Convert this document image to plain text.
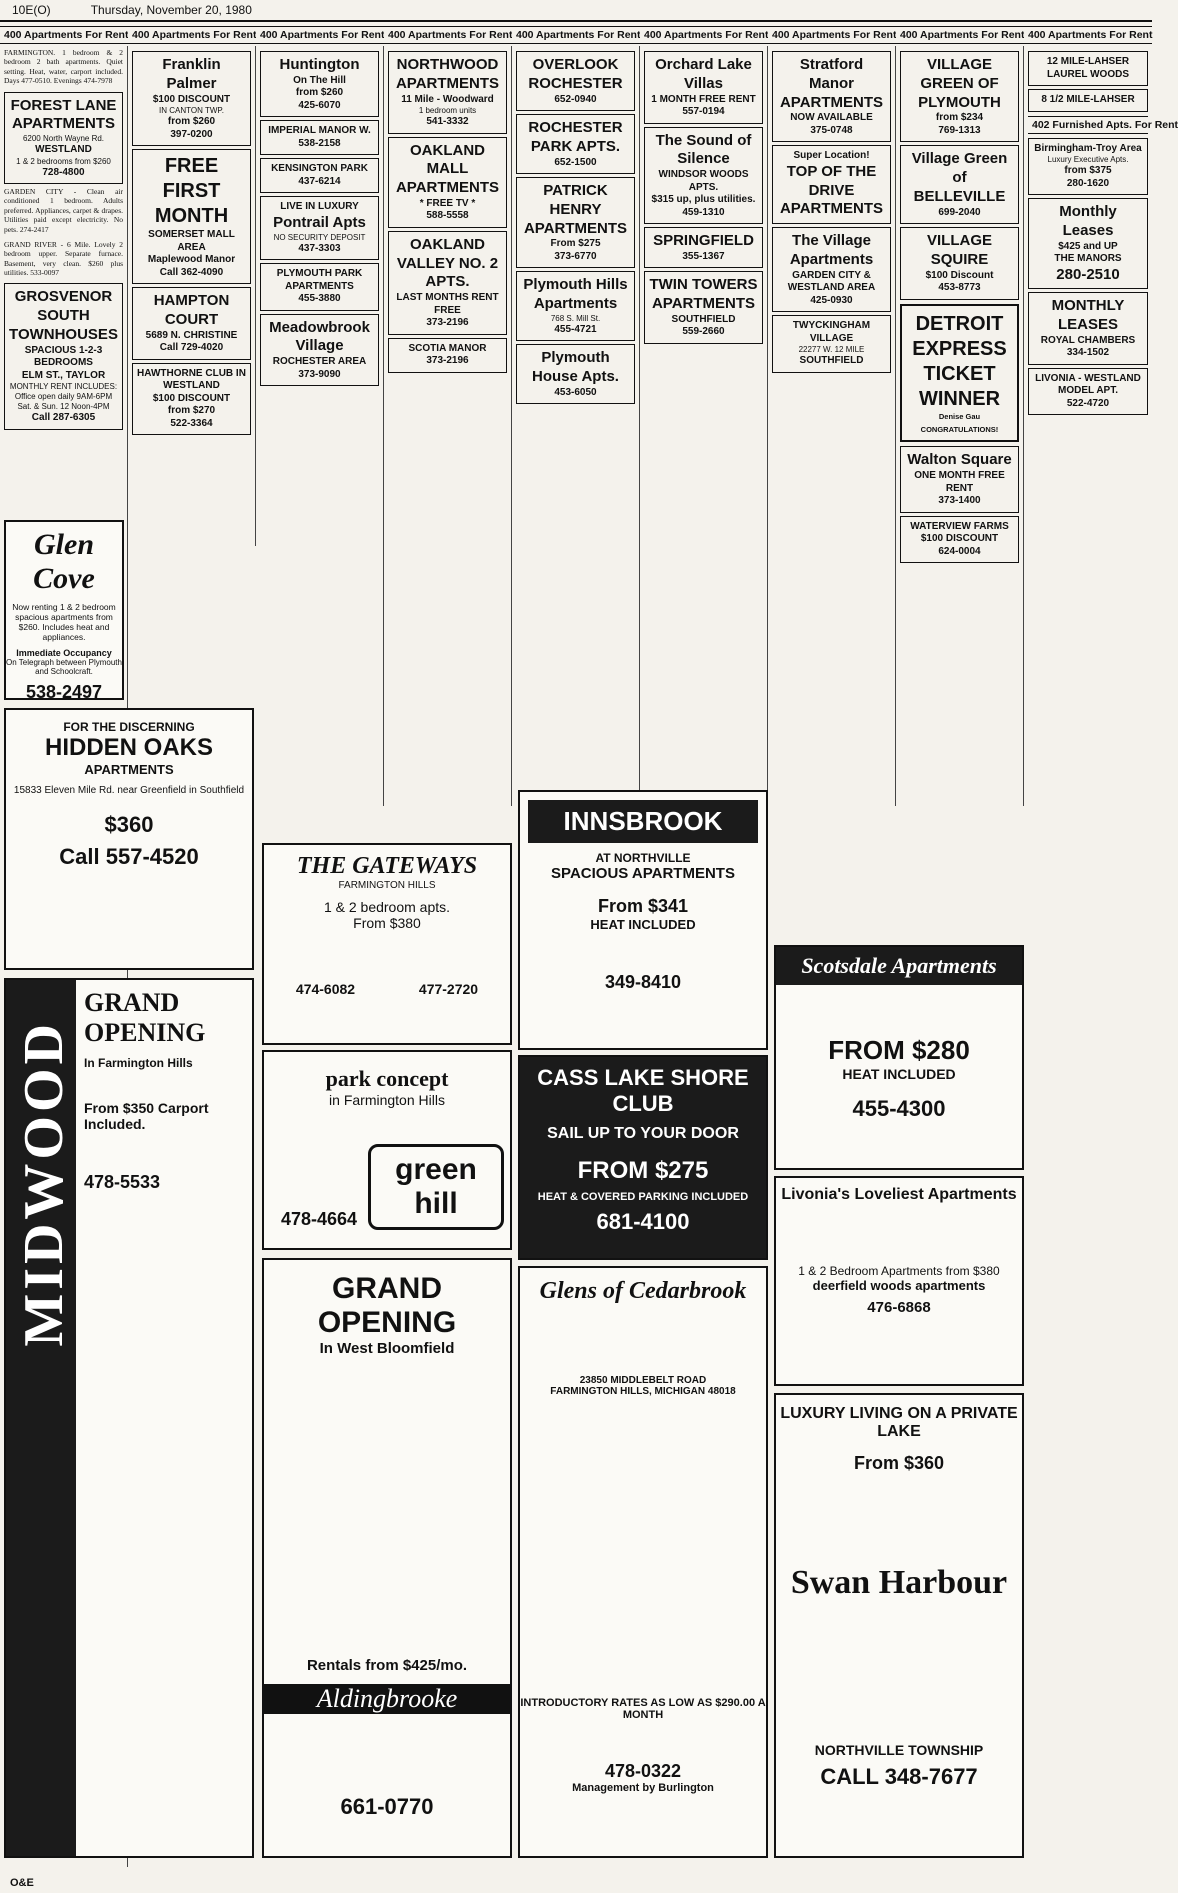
10E(O)	Thursday, November 20, 1980
400 Apartments For Rent 400 Apartments For Rent 400 Apartments For Rent 400 Apartments For Rent 400 Apartments For Rent 400 Apartments For Rent 400 Apartments For Rent 400 Apartments For Rent 400 Apartments For Rent
FARMINGTON. 1 bedroom & 2 bedroom 2 bath apartments. Quiet setting. Heat, water, carport included. Days 477-0510. Evenings 474-7978
FOREST LANE APARTMENTS
6200 North Wayne Rd.
WESTLAND
1 & 2 bedrooms from $260
728-4800
GARDEN CITY - Clean air conditioned 1 bedroom. Adults preferred. Appliances, carpet & drapes. Utilities paid except electricity. No pets. 274-2417
GRAND RIVER - 6 Mile. Lovely 2 bedroom upper. Separate furnace. Basement, very clean. $260 plus utilities. 533-0097
GROSVENOR SOUTH TOWNHOUSES
SPACIOUS 1-2-3 BEDROOMS
ELM ST., TAYLOR
MONTHLY RENT INCLUDES:
Office open daily 9AM-6PM Sat. & Sun. 12 Noon-4PM
Call 287-6305
Franklin Palmer
$100 DISCOUNT
IN CANTON TWP.
from $260
397-0200
FREE FIRST MONTH
SOMERSET MALL AREA
Maplewood Manor
Call 362-4090
HAMPTON COURT
5689 N. CHRISTINE
Call 729-4020
HAWTHORNE CLUB IN WESTLAND
$100 DISCOUNT
from $270
522-3364
Huntington
On The Hill
from $260
425-6070
IMPERIAL MANOR W.
538-2158
KENSINGTON PARK
437-6214
LIVE IN LUXURY
Pontrail Apts
NO SECURITY DEPOSIT
437-3303
PLYMOUTH PARK APARTMENTS
455-3880
Meadowbrook Village
ROCHESTER AREA
373-9090
NORTHWOOD APARTMENTS
11 Mile - Woodward
1 bedroom units
541-3332
OAKLAND MALL APARTMENTS
* FREE TV *
588-5558
OAKLAND VALLEY NO. 2 APTS.
LAST MONTHS RENT FREE
373-2196
SCOTIA MANOR
373-2196
OVERLOOK ROCHESTER
652-0940
ROCHESTER PARK APTS.
652-1500
PATRICK HENRY APARTMENTS
From $275
373-6770
Plymouth Hills Apartments
768 S. Mill St.
455-4721
Plymouth House Apts.
453-6050
Orchard Lake Villas
1 MONTH FREE RENT
557-0194
The Sound of Silence
WINDSOR WOODS APTS.
$315 up, plus utilities.
459-1310
SPRINGFIELD
355-1367
TWIN TOWERS APARTMENTS
SOUTHFIELD
559-2660
Stratford Manor APARTMENTS
NOW AVAILABLE
375-0748
Super Location!
TOP OF THE DRIVE APARTMENTS
The Village Apartments
GARDEN CITY & WESTLAND AREA
425-0930
TWYCKINGHAM VILLAGE
22277 W. 12 MILE
SOUTHFIELD
VILLAGE GREEN OF PLYMOUTH
from $234
769-1313
Village Green of BELLEVILLE
699-2040
VILLAGE SQUIRE
$100 Discount
453-8773
DETROIT EXPRESS TICKET WINNER
Denise Gau
CONGRATULATIONS!
Walton Square
ONE MONTH FREE RENT
373-1400
WATERVIEW FARMS
$100 DISCOUNT
624-0004
12 MILE-LAHSER LAUREL WOODS
8 1/2 MILE-LAHSER
402 Furnished Apts. For Rent
Birmingham-Troy Area
Luxury Executive Apts.
from $375
280-1620
Monthly Leases
$425 and UP
THE MANORS
280-2510
MONTHLY LEASES
ROYAL CHAMBERS
334-1502
LIVONIA - WESTLAND MODEL APT.
522-4720
Glen Cove
Now renting 1 & 2 bedroom spacious apartments from $260. Includes heat and appliances.
Immediate Occupancy
On Telegraph between Plymouth and Schoolcraft.
538-2497
FOR THE DISCERNING
HIDDEN OAKS
APARTMENTS
15833 Eleven Mile Rd. near Greenfield in Southfield
$360
Call 557-4520
MIDWOOD
GRAND OPENING
In Farmington Hills
From $350 Carport Included.
478-5533
THE GATEWAYS
FARMINGTON HILLS
1 & 2 bedroom apts.
From $380
474-6082	477-2720
park concept
in Farmington Hills
478-4664
green hill
GRAND OPENING
In West Bloomfield
Rentals from $425/mo.
Aldingbrooke
661-0770
INNSBROOK
AT NORTHVILLE
SPACIOUS APARTMENTS
From $341
HEAT INCLUDED
349-8410
CASS LAKE SHORE CLUB
SAIL UP TO YOUR DOOR
FROM $275
HEAT & COVERED PARKING INCLUDED
681-4100
Glens of Cedarbrook
23850 MIDDLEBELT ROAD
FARMINGTON HILLS, MICHIGAN 48018
INTRODUCTORY RATES AS LOW AS $290.00 A MONTH
478-0322
Management by Burlington
Scotsdale Apartments
FROM $280
HEAT INCLUDED
455-4300
Livonia's Loveliest Apartments
1 & 2 Bedroom Apartments from $380
deerfield woods apartments
476-6868
LUXURY LIVING ON A PRIVATE LAKE
From $360
Swan Harbour
NORTHVILLE TOWNSHIP
CALL 348-7677
O&E
